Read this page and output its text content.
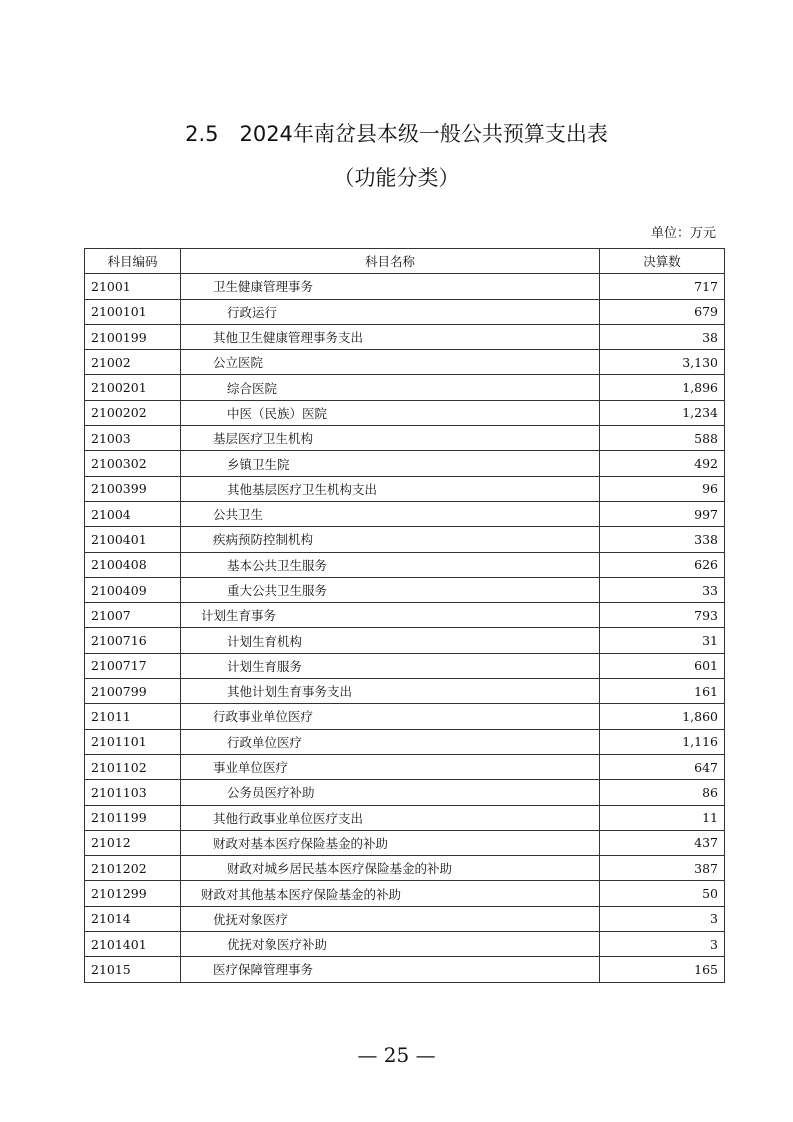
2.5　2024年南岔县本级一般公共预算支出表
（功能分类）
单位：万元
科目编码	科目名称	决算数
21001	卫生健康管理事务	717
2100101	行政运行	679
2100199	其他卫生健康管理事务支出	38
21002	公立医院	3,130
2100201	综合医院	1,896
2100202	中医（民族）医院	1,234
21003	基层医疗卫生机构	588
2100302	乡镇卫生院	492
2100399	其他基层医疗卫生机构支出	96
21004	公共卫生	997
2100401	疾病预防控制机构	338
2100408	基本公共卫生服务	626
2100409	重大公共卫生服务	33
21007	计划生育事务	793
2100716	计划生育机构	31
2100717	计划生育服务	601
2100799	其他计划生育事务支出	161
21011	行政事业单位医疗	1,860
2101101	行政单位医疗	1,116
2101102	事业单位医疗	647
2101103	公务员医疗补助	86
2101199	其他行政事业单位医疗支出	11
21012	财政对基本医疗保险基金的补助	437
2101202	财政对城乡居民基本医疗保险基金的补助	387
2101299	财政对其他基本医疗保险基金的补助	50
21014	优抚对象医疗	3
2101401	优抚对象医疗补助	3
21015	医疗保障管理事务	165
— 25 —
